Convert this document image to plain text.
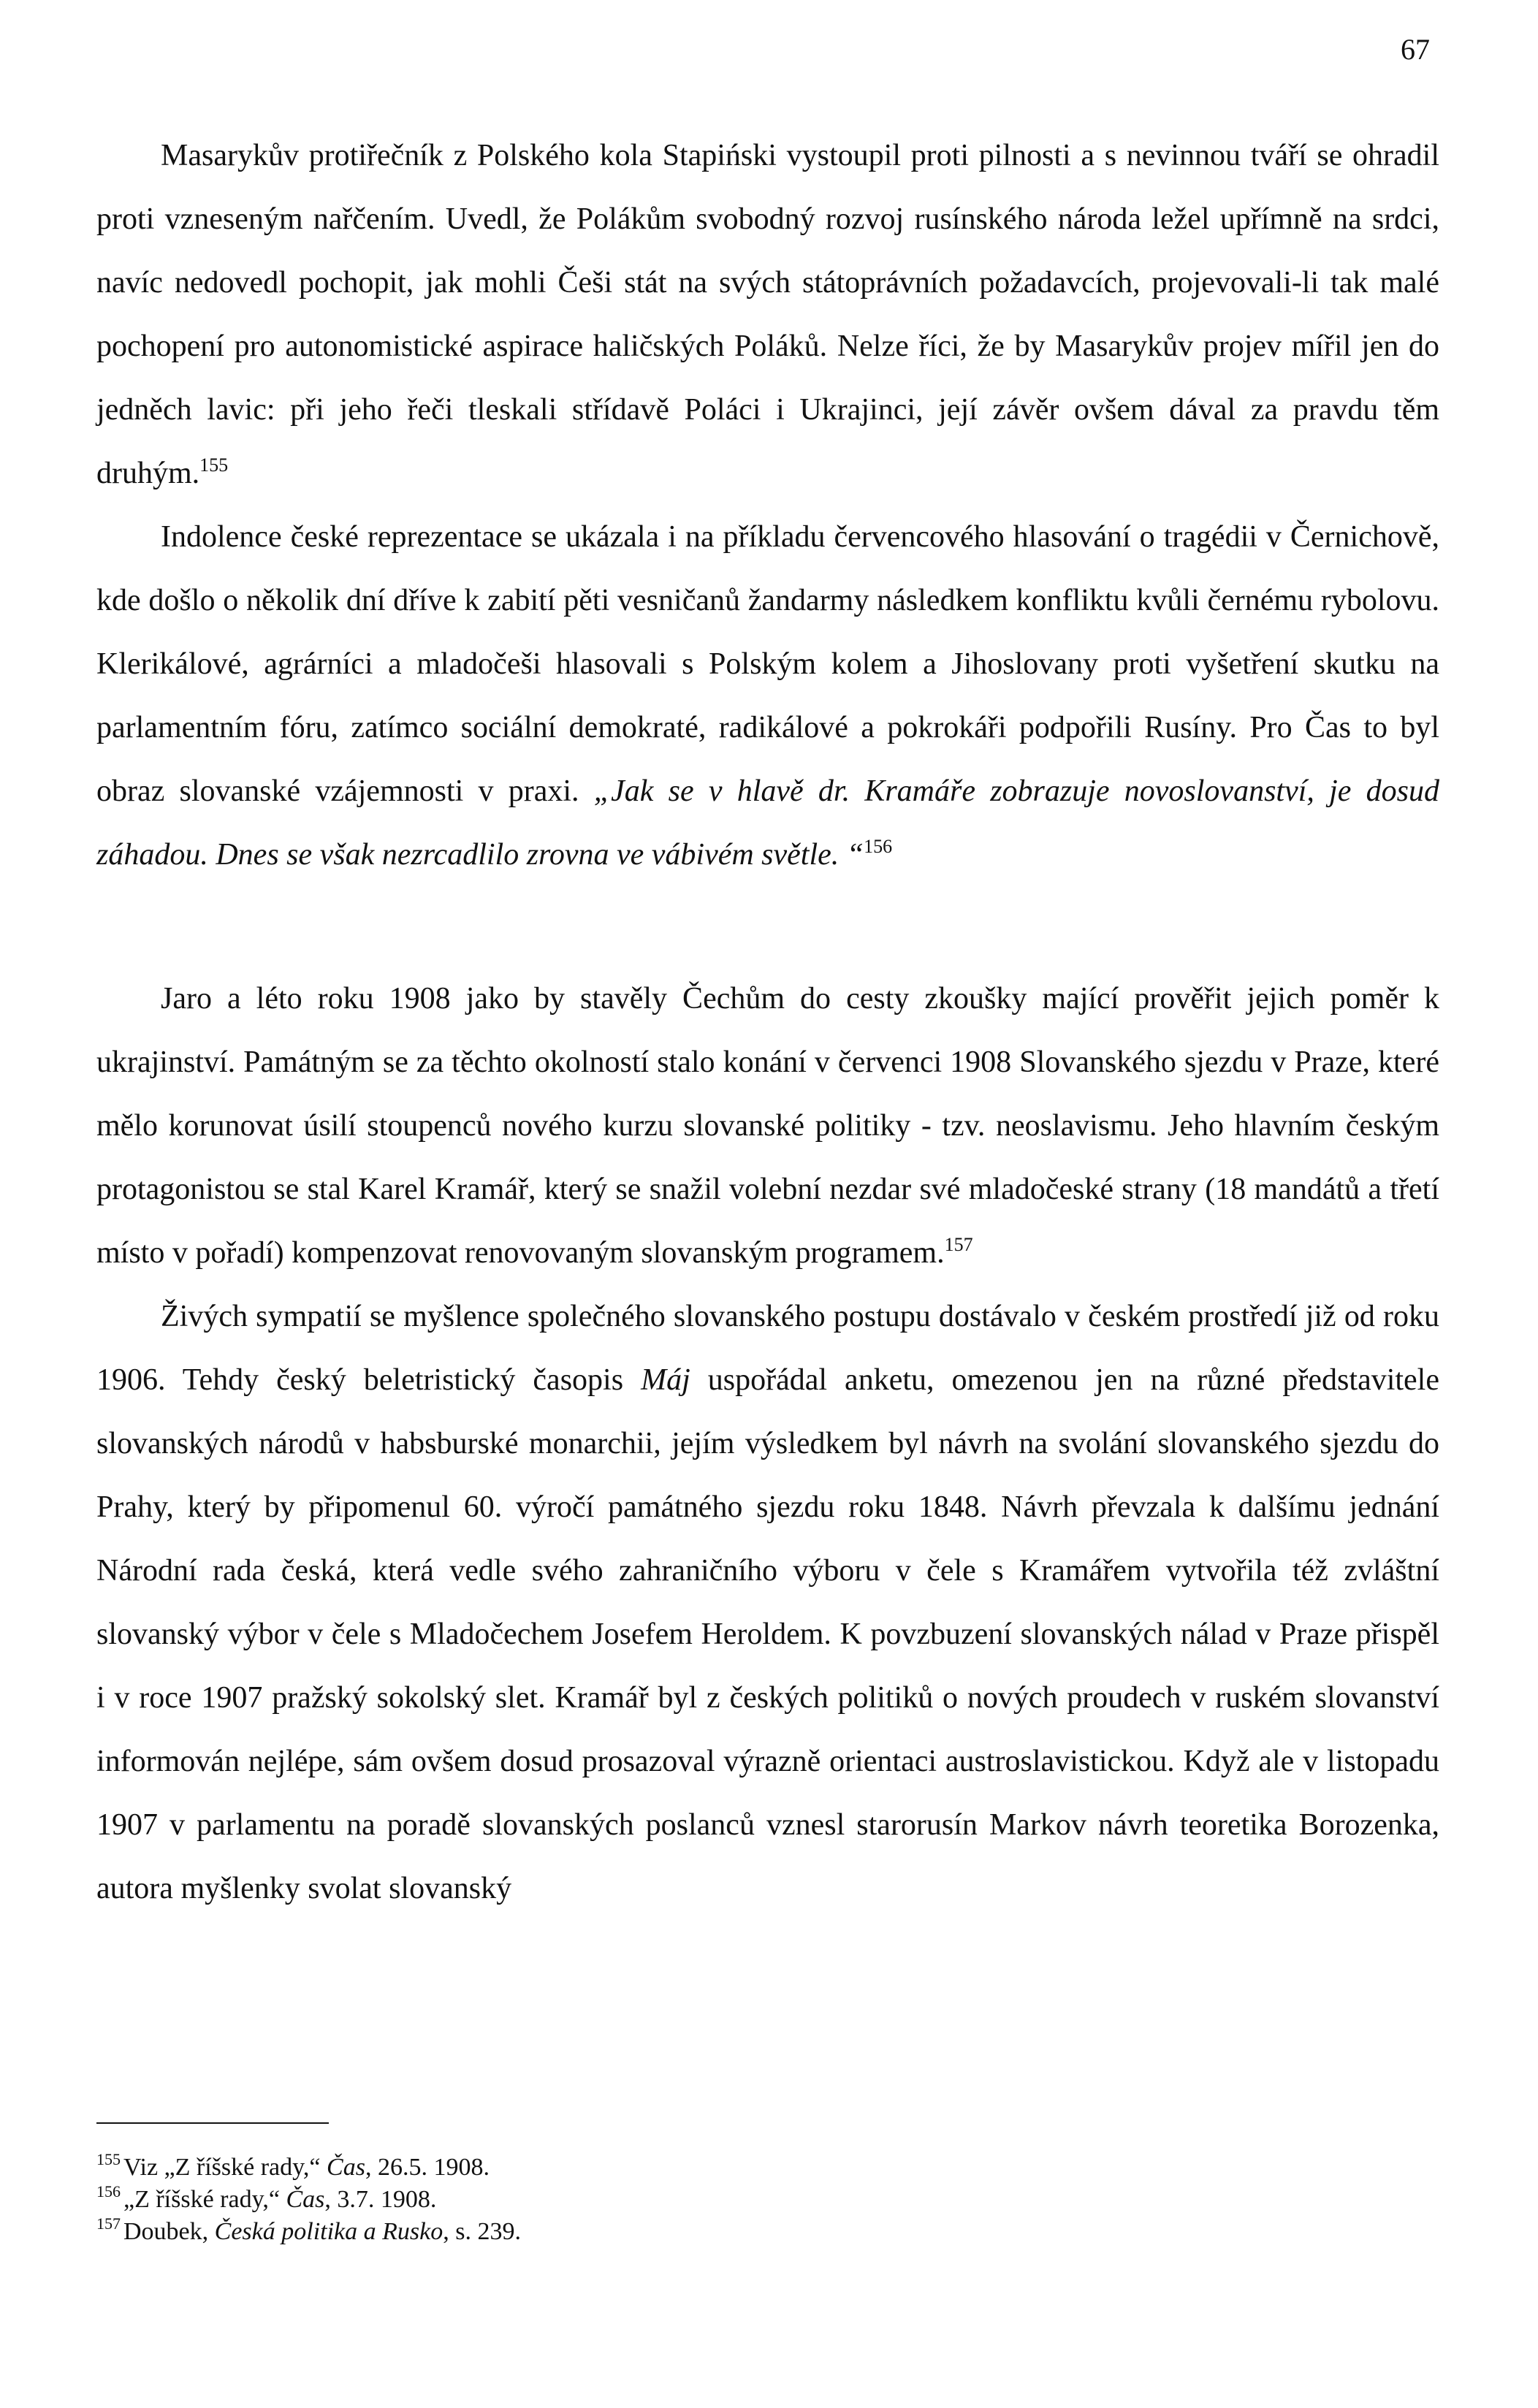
67

Masarykův protiřečník z Polského kola Stapiński vystoupil proti pilnosti a s nevinnou tváří se ohradil proti vzneseným nařčením. Uvedl, že Polákům svobodný rozvoj rusínského národa ležel upřímně na srdci, navíc nedovedl pochopit, jak mohli Češi stát na svých státoprávních požadavcích, projevovali-li tak malé pochopení pro autonomistické aspirace haličských Poláků. Nelze říci, že by Masarykův projev mířil jen do jedněch lavic: při jeho řeči tleskali střídavě Poláci i Ukrajinci, její závěr ovšem dával za pravdu těm druhým.$^{155}$

Indolence české reprezentace se ukázala i na příkladu červencového hlasování o tragédii v Černichově, kde došlo o několik dní dříve k zabití pěti vesničanů žandarmy následkem konfliktu kvůli černému rybolovu. Klerikálové, agrárníci a mladočeši hlasovali s Polským kolem a Jihoslovany proti vyšetření skutku na parlamentním fóru, zatímco sociální demokraté, radikálové a pokrokáři podpořili Rusíny. Pro Čas to byl obraz slovanské vzájemnosti v praxi. „Jak se v hlavě dr. Kramáře zobrazuje novoslovanství, je dosud záhadou. Dnes se však nezrcadlilo zrovna ve vábivém světle. “$^{156}$

Jaro a léto roku 1908 jako by stavěly Čechům do cesty zkoušky mající prověřit jejich poměr k ukrajinství. Památným se za těchto okolností stalo konání v červenci 1908 Slovanského sjezdu v Praze, které mělo korunovat úsilí stoupenců nového kurzu slovanské politiky - tzv. neoslavismu. Jeho hlavním českým protagonistou se stal Karel Kramář, který se snažil volební nezdar své mladočeské strany (18 mandátů a třetí místo v pořadí) kompenzovat renovovaným slovanským programem.$^{157}$

Živých sympatií se myšlence společného slovanského postupu dostávalo v českém prostředí již od roku 1906. Tehdy český beletristický časopis Máj uspořádal anketu, omezenou jen na různé představitele slovanských národů v habsburské monarchii, jejím výsledkem byl návrh na svolání slovanského sjezdu do Prahy, který by připomenul 60. výročí památného sjezdu roku 1848. Návrh převzala k dalšímu jednání Národní rada česká, která vedle svého zahraničního výboru v čele s Kramářem vytvořila též zvláštní slovanský výbor v čele s Mladočechem Josefem Heroldem. K povzbuzení slovanských nálad v Praze přispěl i v roce 1907 pražský sokolský slet. Kramář byl z českých politiků o nových proudech v ruském slovanství informován nejlépe, sám ovšem dosud prosazoval výrazně orientaci austroslavistickou. Když ale v listopadu 1907 v parlamentu na poradě slovanských poslanců vznesl starorusín Markov návrh teoretika Borozenka, autora myšlenky svolat slovanský

$^{155}$ Viz „Z říšské rady,“ Čas, 26.5. 1908.

$^{156}$ „Z říšské rady,“ Čas, 3.7. 1908.

$^{157}$ Doubek, Česká politika a Rusko, s. 239.
